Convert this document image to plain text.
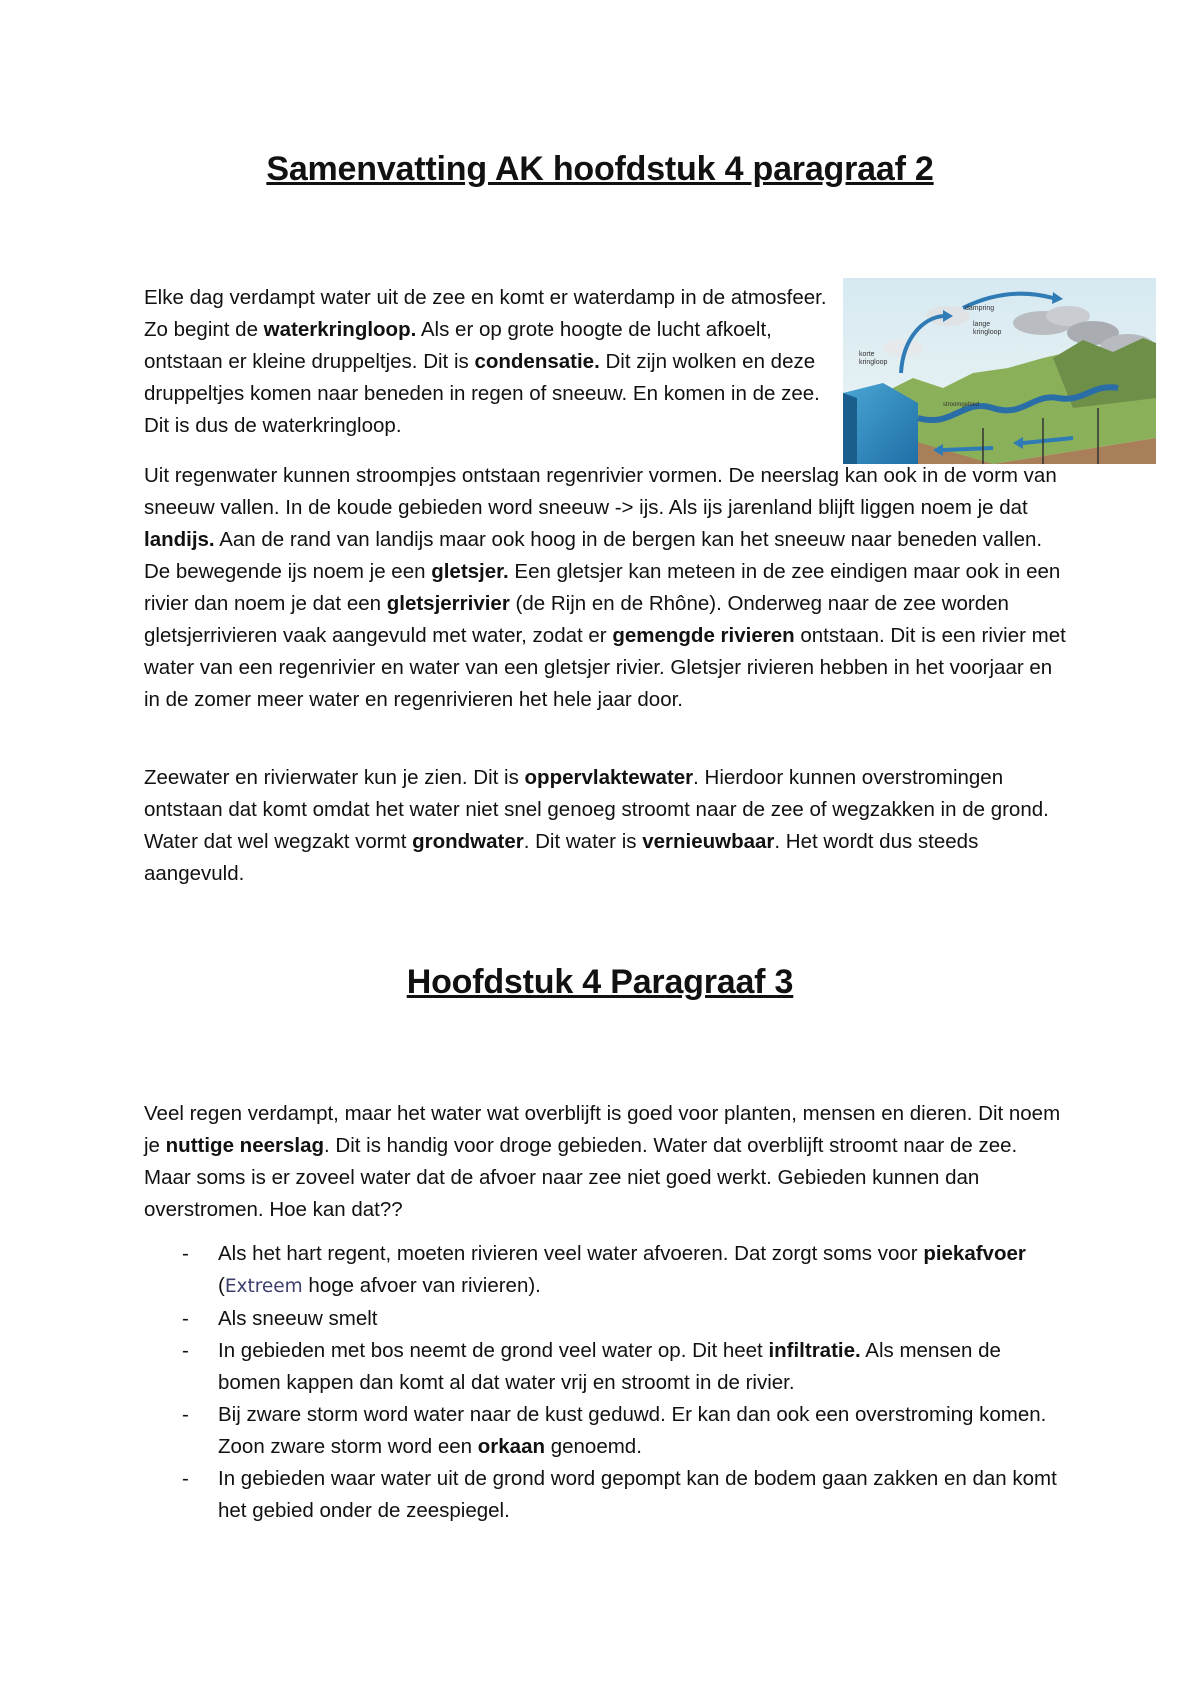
Samenvatting AK hoofdstuk 4 paragraaf 2
dampring
lange kringloop
korte kringloop
stroomgebied

Elke dag verdampt water uit de zee en komt er waterdamp in de atmosfeer. Zo begint de waterkringloop. Als er op grote hoogte de lucht afkoelt, ontstaan er kleine druppeltjes. Dit is condensatie. Dit zijn wolken en deze druppeltjes komen naar beneden in regen of sneeuw. En komen in de zee. Dit is dus de waterkringloop.

Uit regenwater kunnen stroompjes ontstaan regenrivier vormen. De neerslag kan ook in de vorm van sneeuw vallen. In de koude gebieden word sneeuw -> ijs. Als ijs jarenland blijft liggen noem je dat landijs. Aan de rand van landijs maar ook hoog in de bergen kan het sneeuw naar beneden vallen. De bewegende ijs noem je een gletsjer. Een gletsjer kan meteen in de zee eindigen maar ook in een rivier dan noem je dat een gletsjerrivier (de Rijn en de Rhône). Onderweg naar de zee worden gletsjerrivieren vaak aangevuld met water, zodat er gemengde rivieren ontstaan. Dit is een rivier met water van een regenrivier en water van een gletsjer rivier. Gletsjer rivieren hebben in het voorjaar en in de zomer meer water en regenrivieren het hele jaar door.

Zeewater en rivierwater kun je zien. Dit is oppervlaktewater. Hierdoor kunnen overstromingen ontstaan dat komt omdat het water niet snel genoeg stroomt naar de zee of wegzakken in de grond. Water dat wel wegzakt vormt grondwater. Dit water is vernieuwbaar. Het wordt dus steeds aangevuld.

Hoofdstuk 4 Paragraaf 3

Veel regen verdampt, maar het water wat overblijft is goed voor planten, mensen en dieren. Dit noem je nuttige neerslag. Dit is handig voor droge gebieden. Water dat overblijft stroomt naar de zee. Maar soms is er zoveel water dat de afvoer naar zee niet goed werkt. Gebieden kunnen dan overstromen. Hoe kan dat??

- Als het hart regent, moeten rivieren veel water afvoeren. Dat zorgt soms voor piekafvoer (Extreem hoge afvoer van rivieren).
- Als sneeuw smelt
- In gebieden met bos neemt de grond veel water op. Dit heet infiltratie. Als mensen de bomen kappen dan komt al dat water vrij en stroomt in de rivier.
- Bij zware storm word water naar de kust geduwd. Er kan dan ook een overstroming komen. Zoon zware storm word een orkaan genoemd.
- In gebieden waar water uit de grond word gepompt kan de bodem gaan zakken en dan komt het gebied onder de zeespiegel.
